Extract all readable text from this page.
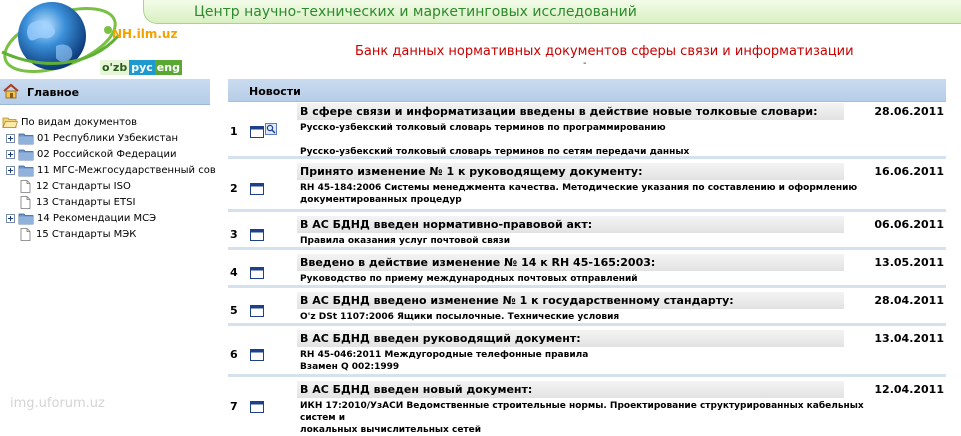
Центр научно-технических и маркетинговых исследований
NH.ilm.uz
o'zb рус eng
Банк данных нормативных документов сферы связи и информатизации
-
Главное
По видам документов
01 Республики Узбекистан
02 Российской Федерации
11 МГС-Межгосударственный сов
12 Стандарты ISO
13 Стандарты ETSI
14 Рекомендации МСЭ
15 Стандарты МЭК
Новости
1
В сфере связи и информатизации введены в действие новые толковые словари:	28.06.2011
Русско-узбекский толковый словарь терминов по программированию
Русско-узбекский толковый словарь терминов по сетям передачи данных
2
Принято изменение № 1 к руководящему документу:	16.06.2011
RH 45-184:2006 Системы менеджмента качества. Методические указания по составлению и оформлению
документированных процедур
3
В АС БДНД введен нормативно-правовой акт:	06.06.2011
Правила оказания услуг почтовой связи
4
Введено в действие изменение № 14 к RH 45-165:2003:	13.05.2011
Руководство по приему международных почтовых отправлений
5
В АС БДНД введено изменение № 1 к государственному стандарту:	28.04.2011
O'z DSt 1107:2006 Ящики посылочные. Технические условия
6
В АС БДНД введен руководящий документ:	13.04.2011
RH 45-046:2011 Междугородные телефонные правила
Взамен Q 002:1999
7
В АС БДНД введен новый документ:	12.04.2011
ИКН 17:2010/УзАСИ Ведомственные строительные нормы. Проектирование структурированных кабельных систем и
локальных вычислительных сетей
img.uforum.uz
